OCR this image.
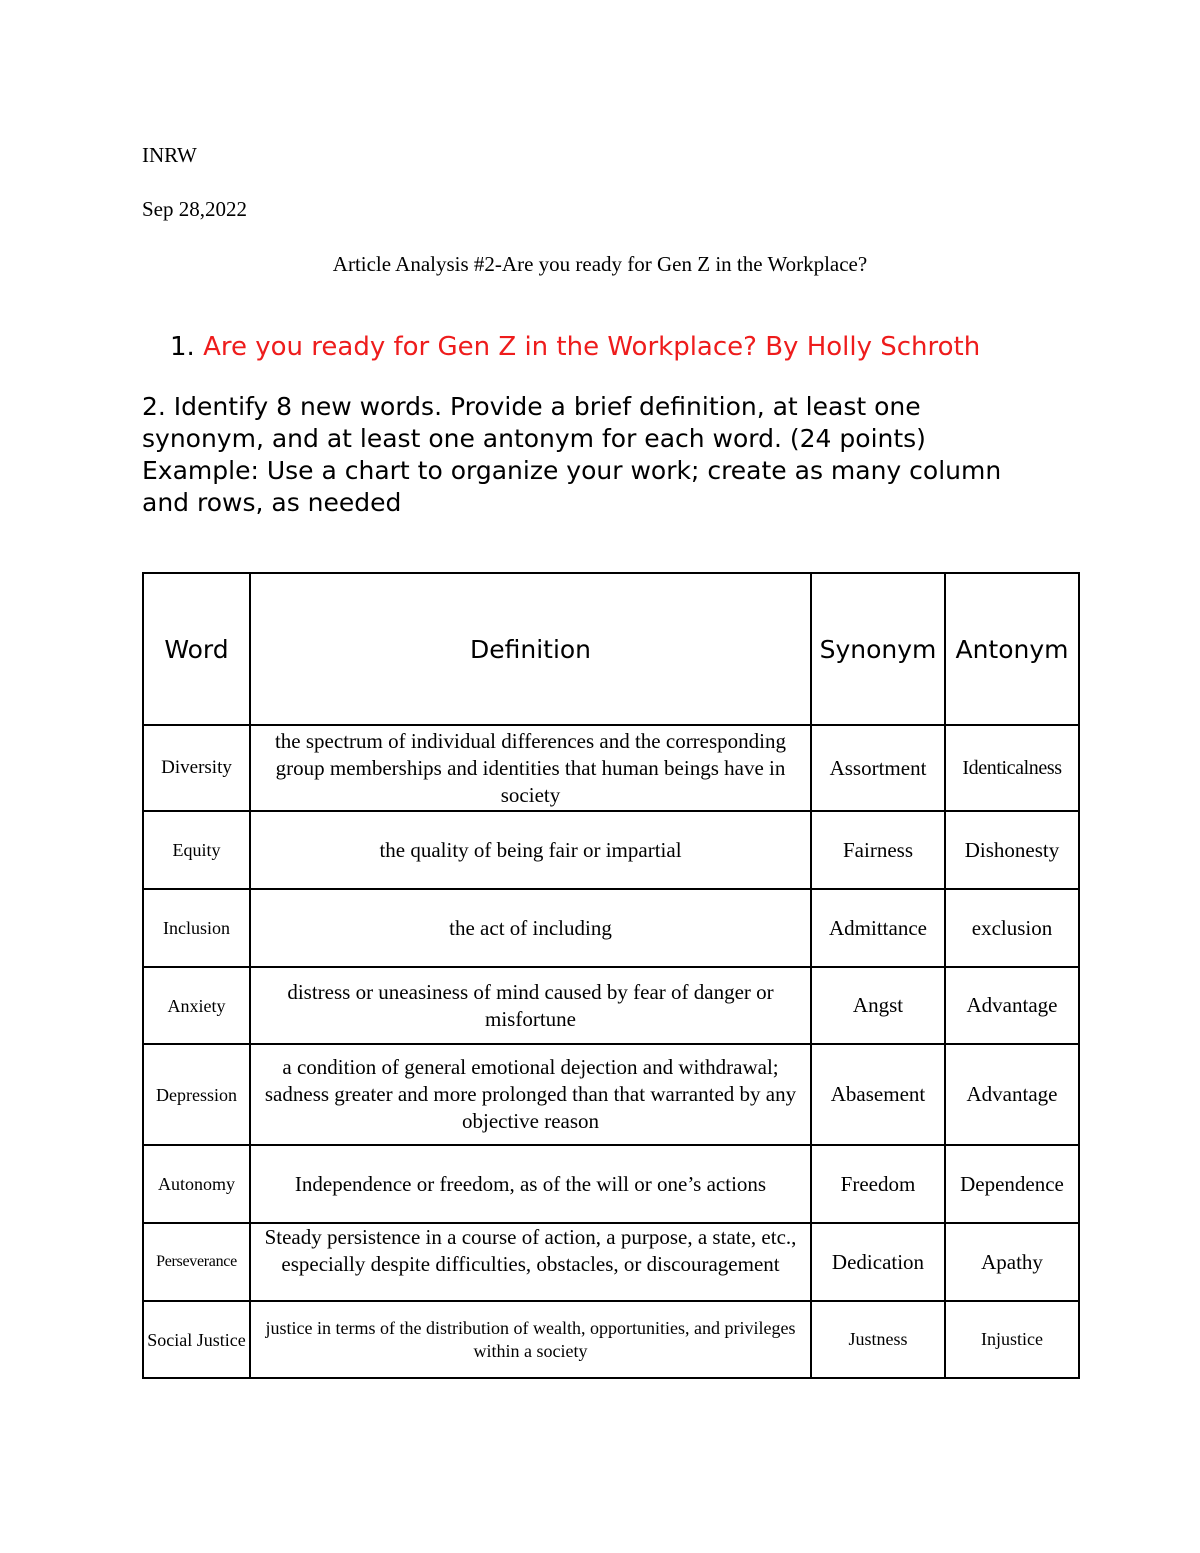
INRW
Sep 28,2022
Article Analysis #2-Are you ready for Gen Z in the Workplace?
1. Are you ready for Gen Z in the Workplace? By Holly Schroth
2. Identify 8 new words. Provide a brief definition, at least one synonym, and at least one antonym for each word. (24 points) Example: Use a chart to organize your work; create as many column and rows, as needed
Word	Definition	Synonym	Antonym
Diversity	the spectrum of individual differences and the corresponding group memberships and identities that human beings have in society	Assortment	Identicalness
Equity	the quality of being fair or impartial	Fairness	Dishonesty
Inclusion	the act of including	Admittance	exclusion
Anxiety	distress or uneasiness of mind caused by fear of danger or misfortune	Angst	Advantage
Depression	a condition of general emotional dejection and withdrawal; sadness greater and more prolonged than that warranted by any objective reason	Abasement	Advantage
Autonomy	Independence or freedom, as of the will or one’s actions	Freedom	Dependence
Perseverance	Steady persistence in a course of action, a purpose, a state, etc., especially despite difficulties, obstacles, or discouragement	Dedication	Apathy
Social Justice	justice in terms of the distribution of wealth, opportunities, and privileges within a society	Justness	Injustice
